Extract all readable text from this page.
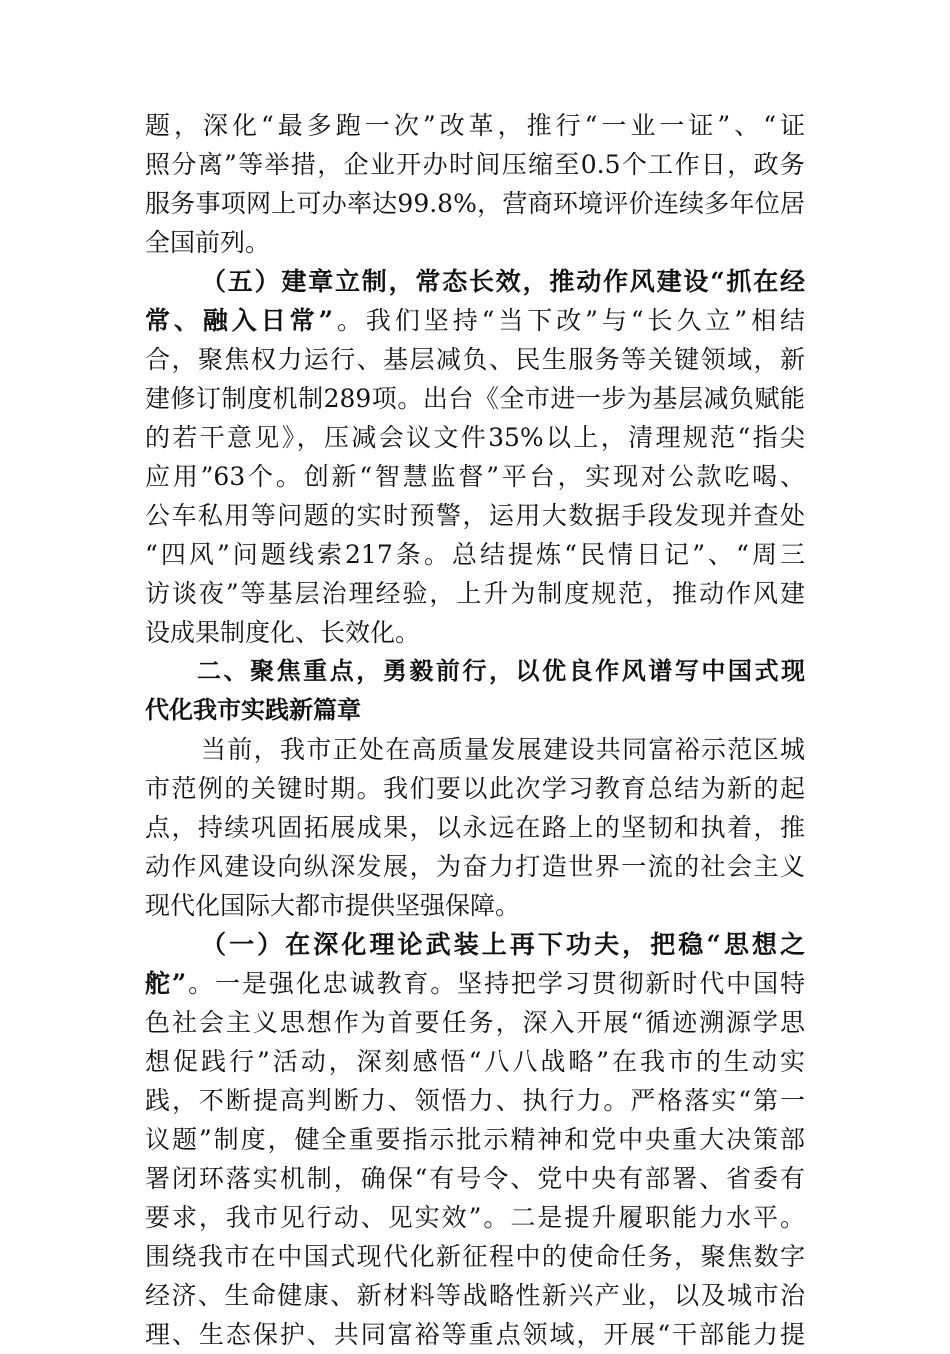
题，深化“最多跑一次”改革，推行“一业一证”、“证
照分离”等举措，企业开办时间压缩至0.5个工作日，政务
服务事项网上可办率达99.8%，营商环境评价连续多年位居
全国前列。
（五）建章立制，常态长效，推动作风建设“抓在经
常、融入日常”。我们坚持“当下改”与“长久立”相结
合，聚焦权力运行、基层减负、民生服务等关键领域，新
建修订制度机制289项。出台《全市进一步为基层减负赋能
的若干意见》，压减会议文件35%以上，清理规范“指尖
应用”63个。创新“智慧监督”平台，实现对公款吃喝、
公车私用等问题的实时预警，运用大数据手段发现并查处
“四风”问题线索217条。总结提炼“民情日记”、“周三
访谈夜”等基层治理经验，上升为制度规范，推动作风建
设成果制度化、长效化。
二、聚焦重点，勇毅前行，以优良作风谱写中国式现
代化我市实践新篇章
当前，我市正处在高质量发展建设共同富裕示范区城
市范例的关键时期。我们要以此次学习教育总结为新的起
点，持续巩固拓展成果，以永远在路上的坚韧和执着，推
动作风建设向纵深发展，为奋力打造世界一流的社会主义
现代化国际大都市提供坚强保障。
（一）在深化理论武装上再下功夫，把稳“思想之
舵”。一是强化忠诚教育。坚持把学习贯彻新时代中国特
色社会主义思想作为首要任务，深入开展“循迹溯源学思
想促践行”活动，深刻感悟“八八战略”在我市的生动实
践，不断提高判断力、领悟力、执行力。严格落实“第一
议题”制度，健全重要指示批示精神和党中央重大决策部
署闭环落实机制，确保“有号令、党中央有部署、省委有
要求，我市见行动、见实效”。二是提升履职能力水平。
围绕我市在中国式现代化新征程中的使命任务，聚焦数字
经济、生命健康、新材料等战略性新兴产业，以及城市治
理、生态保护、共同富裕等重点领域，开展“干部能力提
